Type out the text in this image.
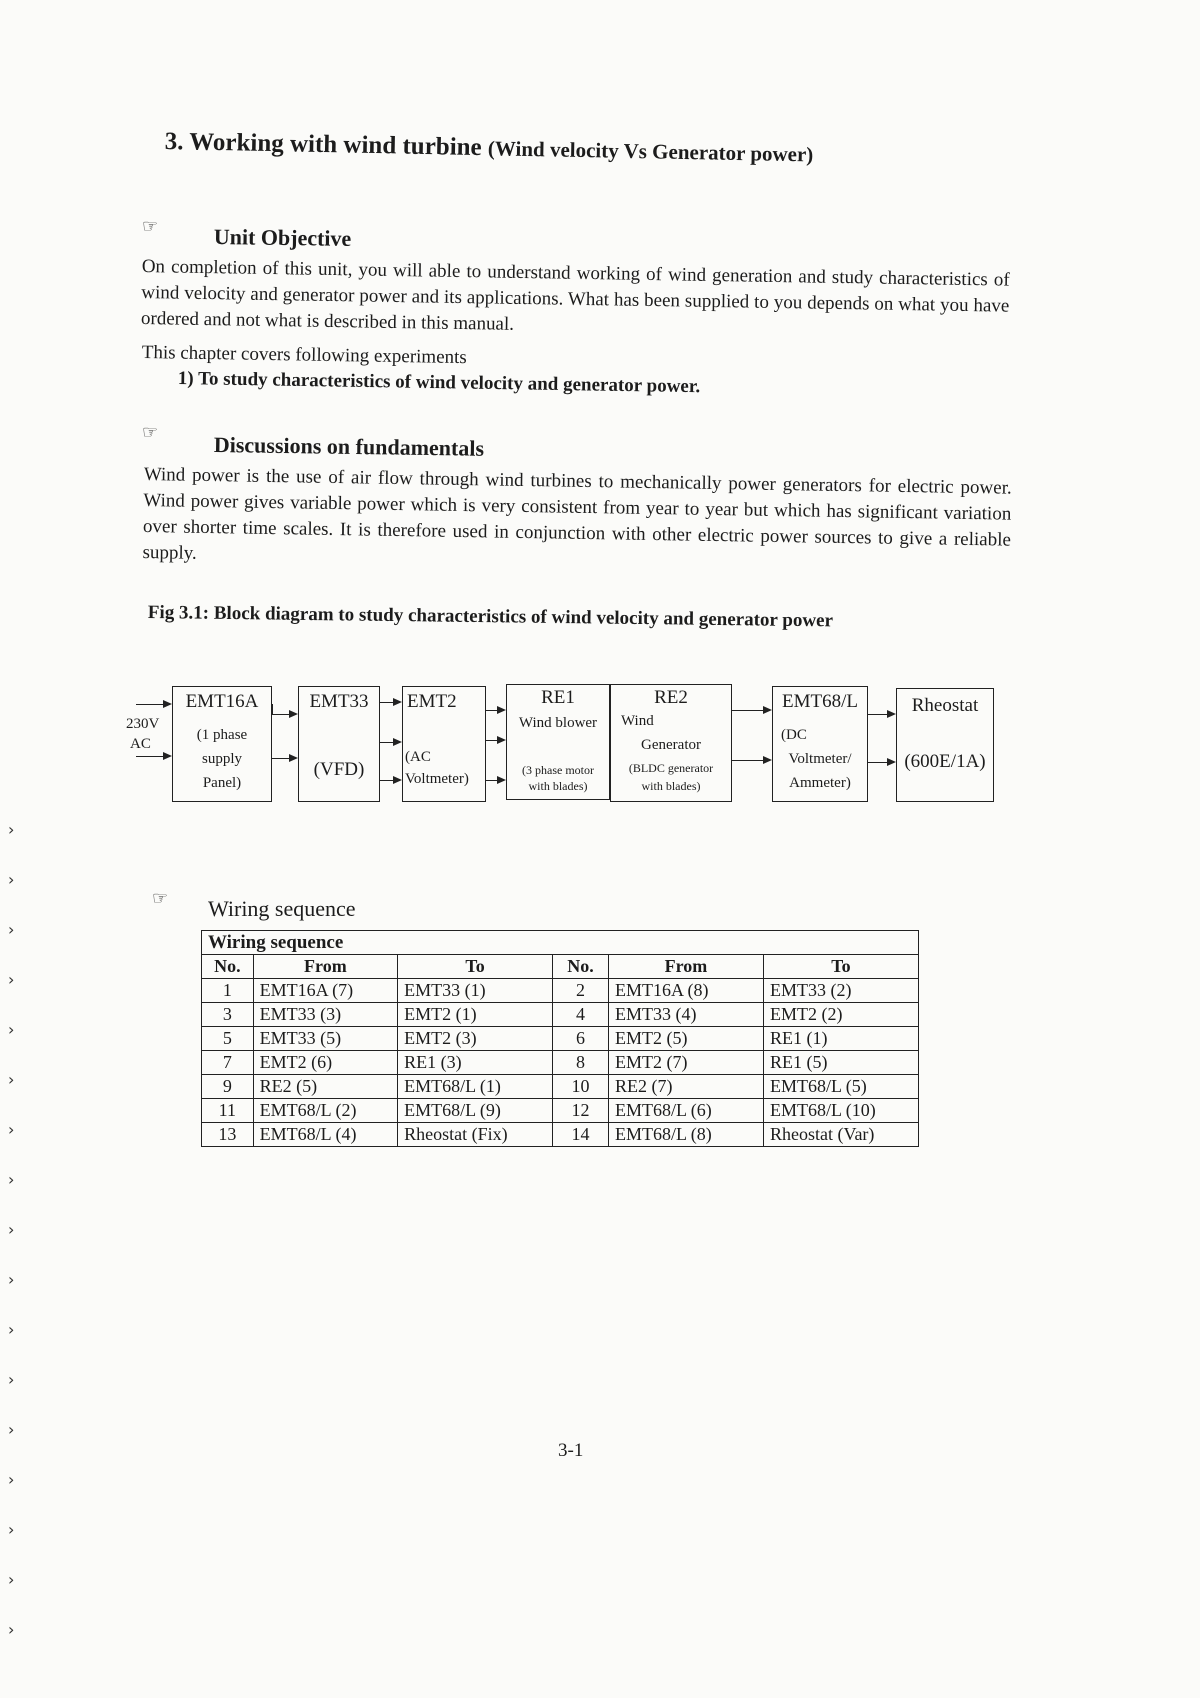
3. Working with wind turbine (Wind velocity Vs Generator power)
☞	Unit Objective
On completion of this unit, you will able to understand working of wind generation and study characteristics of wind velocity and generator power and its applications. What has been supplied to you depends on what you have ordered and not what is described in this manual.
This chapter covers following experiments
1) To study characteristics of wind velocity and generator power.
☞	Discussions on fundamentals
Wind power is the use of air flow through wind turbines to mechanically power generators for electric power. Wind power gives variable power which is very consistent from year to year but which has significant variation over shorter time scales. It is therefore used in conjunction with other electric power sources to give a reliable supply.
Fig 3.1: Block diagram to study characteristics of wind velocity and generator power
230V
AC
EMT16A
(1 phase
supply
Panel)
EMT33
(VFD)
EMT2
(AC
Voltmeter)
RE1
Wind blower
(3 phase motor
with blades)
RE2
Wind
Generator
(BLDC generator
with blades)
EMT68/L
(DC
Voltmeter/
Ammeter)
Rheostat
(600E/1A)
☞ Wiring sequence
Wiring sequence					
No.	From	To	No.	From	To
1	EMT16A (7)	EMT33 (1)	2	EMT16A (8)	EMT33 (2)
3	EMT33 (3)	EMT2 (1)	4	EMT33 (4)	EMT2 (2)
5	EMT33 (5)	EMT2 (3)	6	EMT2 (5)	RE1 (1)
7	EMT2 (6)	RE1 (3)	8	EMT2 (7)	RE1 (5)
9	RE2 (5)	EMT68/L (1)	10	RE2 (7)	EMT68/L (5)
11	EMT68/L (2)	EMT68/L (9)	12	EMT68/L (6)	EMT68/L (10)
13	EMT68/L (4)	Rheostat (Fix)	14	EMT68/L (8)	Rheostat (Var)
3-1
›
›
›
›
›
›
›
›
›
›
›
›
›
›
›
›
›
